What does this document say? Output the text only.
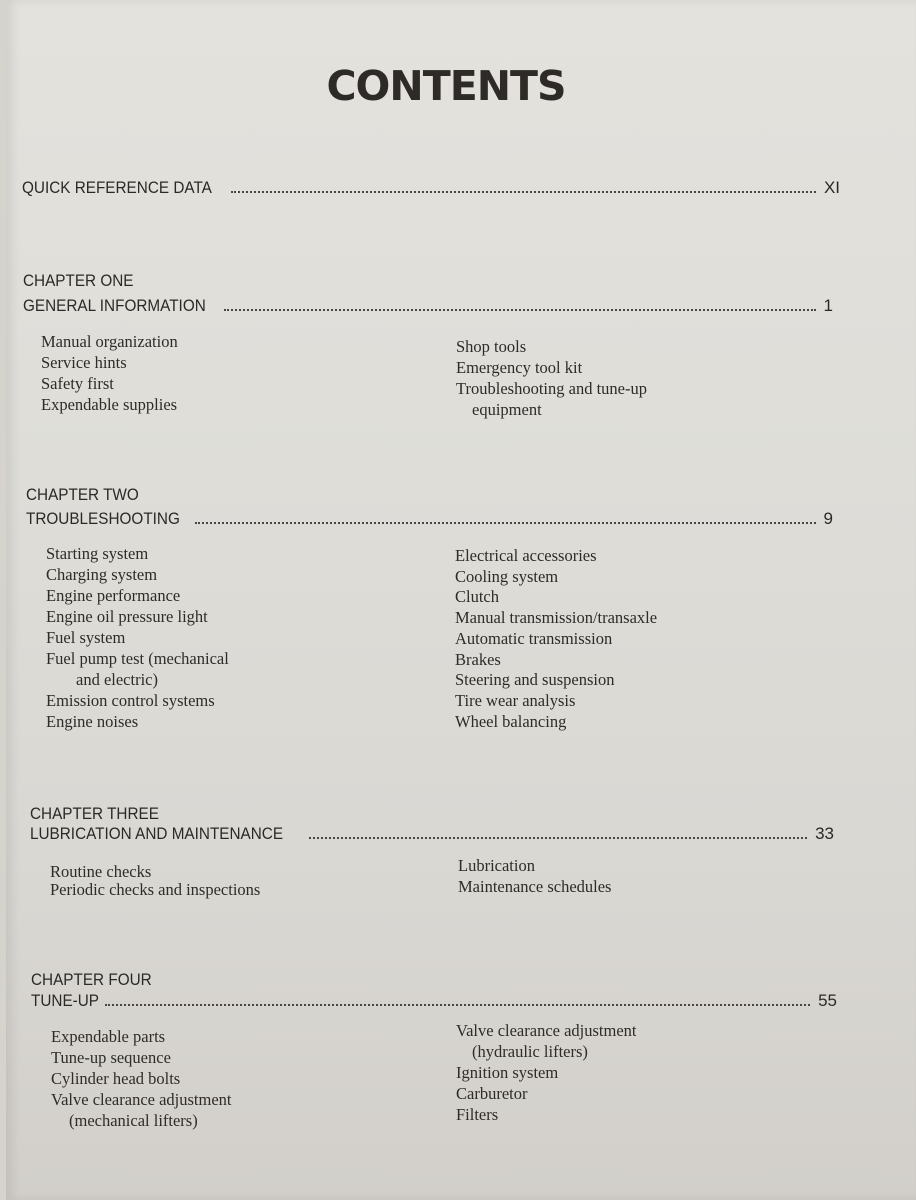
CONTENTS
QUICK REFERENCE DATA	XI
CHAPTER ONE
GENERAL INFORMATION	1
Manual organization
Service hints
Safety first
Expendable supplies
Shop tools
Emergency tool kit
Troubleshooting and tune-up
equipment
CHAPTER TWO
TROUBLESHOOTING	9
Starting system
Charging system
Engine performance
Engine oil pressure light
Fuel system
Fuel pump test (mechanical
and electric)
Emission control systems
Engine noises
Electrical accessories
Cooling system
Clutch
Manual transmission/transaxle
Automatic transmission
Brakes
Steering and suspension
Tire wear analysis
Wheel balancing
CHAPTER THREE
LUBRICATION AND MAINTENANCE	33
Routine checks
Periodic checks and inspections
Lubrication
Maintenance schedules
CHAPTER FOUR
TUNE-UP	55
Expendable parts
Tune-up sequence
Cylinder head bolts
Valve clearance adjustment
(mechanical lifters)
Valve clearance adjustment
(hydraulic lifters)
Ignition system
Carburetor
Filters
